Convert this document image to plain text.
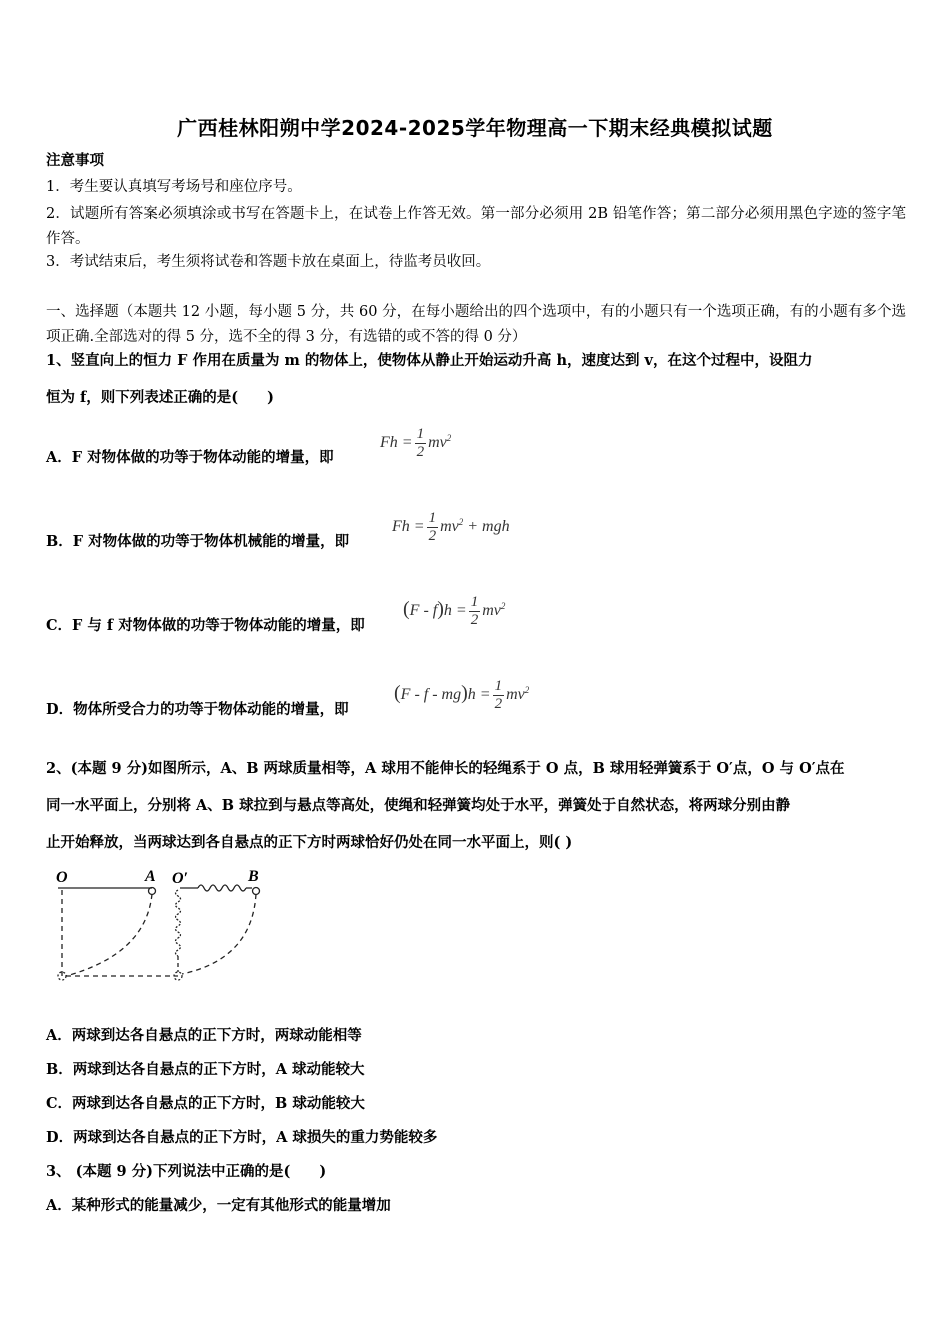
广西桂林阳朔中学2024-2025学年物理高一下期末经典模拟试题
注意事项
1．考生要认真填写考场号和座位序号。
2．试题所有答案必须填涂或书写在答题卡上，在试卷上作答无效。第一部分必须用 2B 铅笔作答；第二部分必须用黑色字迹的签字笔作答。
3．考试结束后，考生须将试卷和答题卡放在桌面上，待监考员收回。
一、选择题（本题共 12 小题，每小题 5 分，共 60 分，在每小题给出的四个选项中，有的小题只有一个选项正确，有的小题有多个选项正确.全部选对的得 5 分，选不全的得 3 分，有选错的或不答的得 0 分）
1、竖直向上的恒力 F 作用在质量为 m 的物体上，使物体从静止开始运动升高 h，速度达到 v，在这个过程中，设阻力
恒为 f，则下列表述正确的是(　　)
A．F 对物体做的功等于物体动能的增量，即
$Fh = \frac{1}{2} mv^2$
B．F 对物体做的功等于物体机械能的增量，即
$Fh = \frac{1}{2} mv^2$ + mgh
C．F 与 f 对物体做的功等于物体动能的增量，即
$(F - f)h = \frac{1}{2} mv^2$
D．物体所受合力的功等于物体动能的增量，即
$(F - f - mg)h = \frac{1}{2} mv^2$
2、(本题 9 分)如图所示，A、B 两球质量相等，A 球用不能伸长的轻绳系于 O 点，B 球用轻弹簧系于 O′点，O 与 O′点在
同一水平面上，分别将 A、B 球拉到与悬点等高处，使绳和轻弹簧均处于水平，弹簧处于自然状态，将两球分别由静
止开始释放，当两球达到各自悬点的正下方时两球恰好仍处在同一水平面上，则( )
O	A O′	B
A．两球到达各自悬点的正下方时，两球动能相等
B．两球到达各自悬点的正下方时，A 球动能较大
C．两球到达各自悬点的正下方时，B 球动能较大
D．两球到达各自悬点的正下方时，A 球损失的重力势能较多
3、 (本题 9 分)下列说法中正确的是(　　)
A．某种形式的能量减少，一定有其他形式的能量增加
